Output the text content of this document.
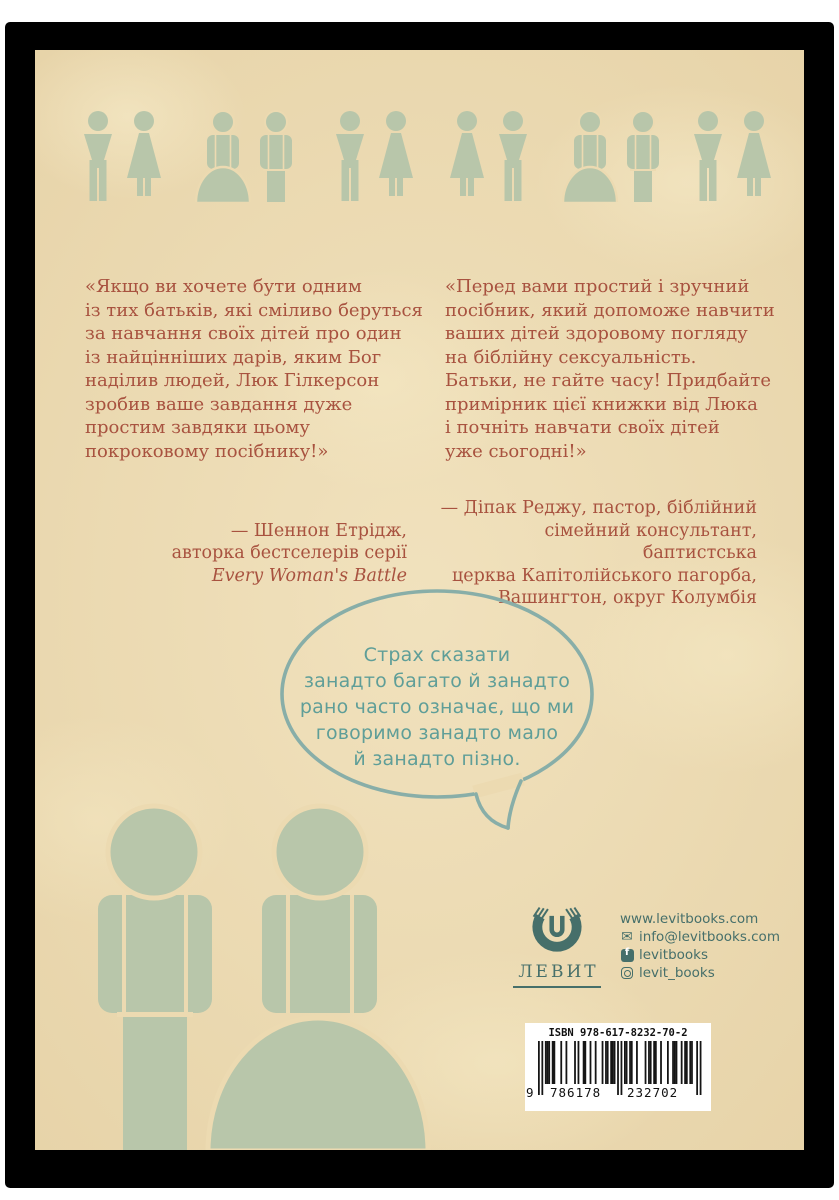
«Якщо ви хочете бути одним
із тих батьків, які сміливо беруться
за навчання своїх дітей про один
із найцінніших дарів, яким Бог
наділив людей, Люк Гілкерсон
зробив ваше завдання дуже
простим завдяки цьому
покроковому посібнику!»
«Перед вами простий і зручний
посібник, який допоможе навчити
ваших дітей здоровому погляду
на біблійну сексуальність.
Батьки, не гайте часу! Придбайте
примірник цієї книжки від Люка
і почніть навчати своїх дітей
уже сьогодні!»

— Шеннон Етрідж,
авторка бестселерів серії
Every Woman's Battle

— Діпак Реджу, пастор, біблійний
сімейний консультант, баптистська
церква Капітолійського пагорба,
Вашингтон, округ Колумбія
Страх сказати
занадто багато й занадто
рано часто означає, що ми
говоримо занадто мало
й занадто пізно.
ЛЕВИТ
www.levitbooks.com
✉ info@levitbooks.com
f levitbooks
levit_books
ISBN 978-617-8232-70-2
9 786178 232702
